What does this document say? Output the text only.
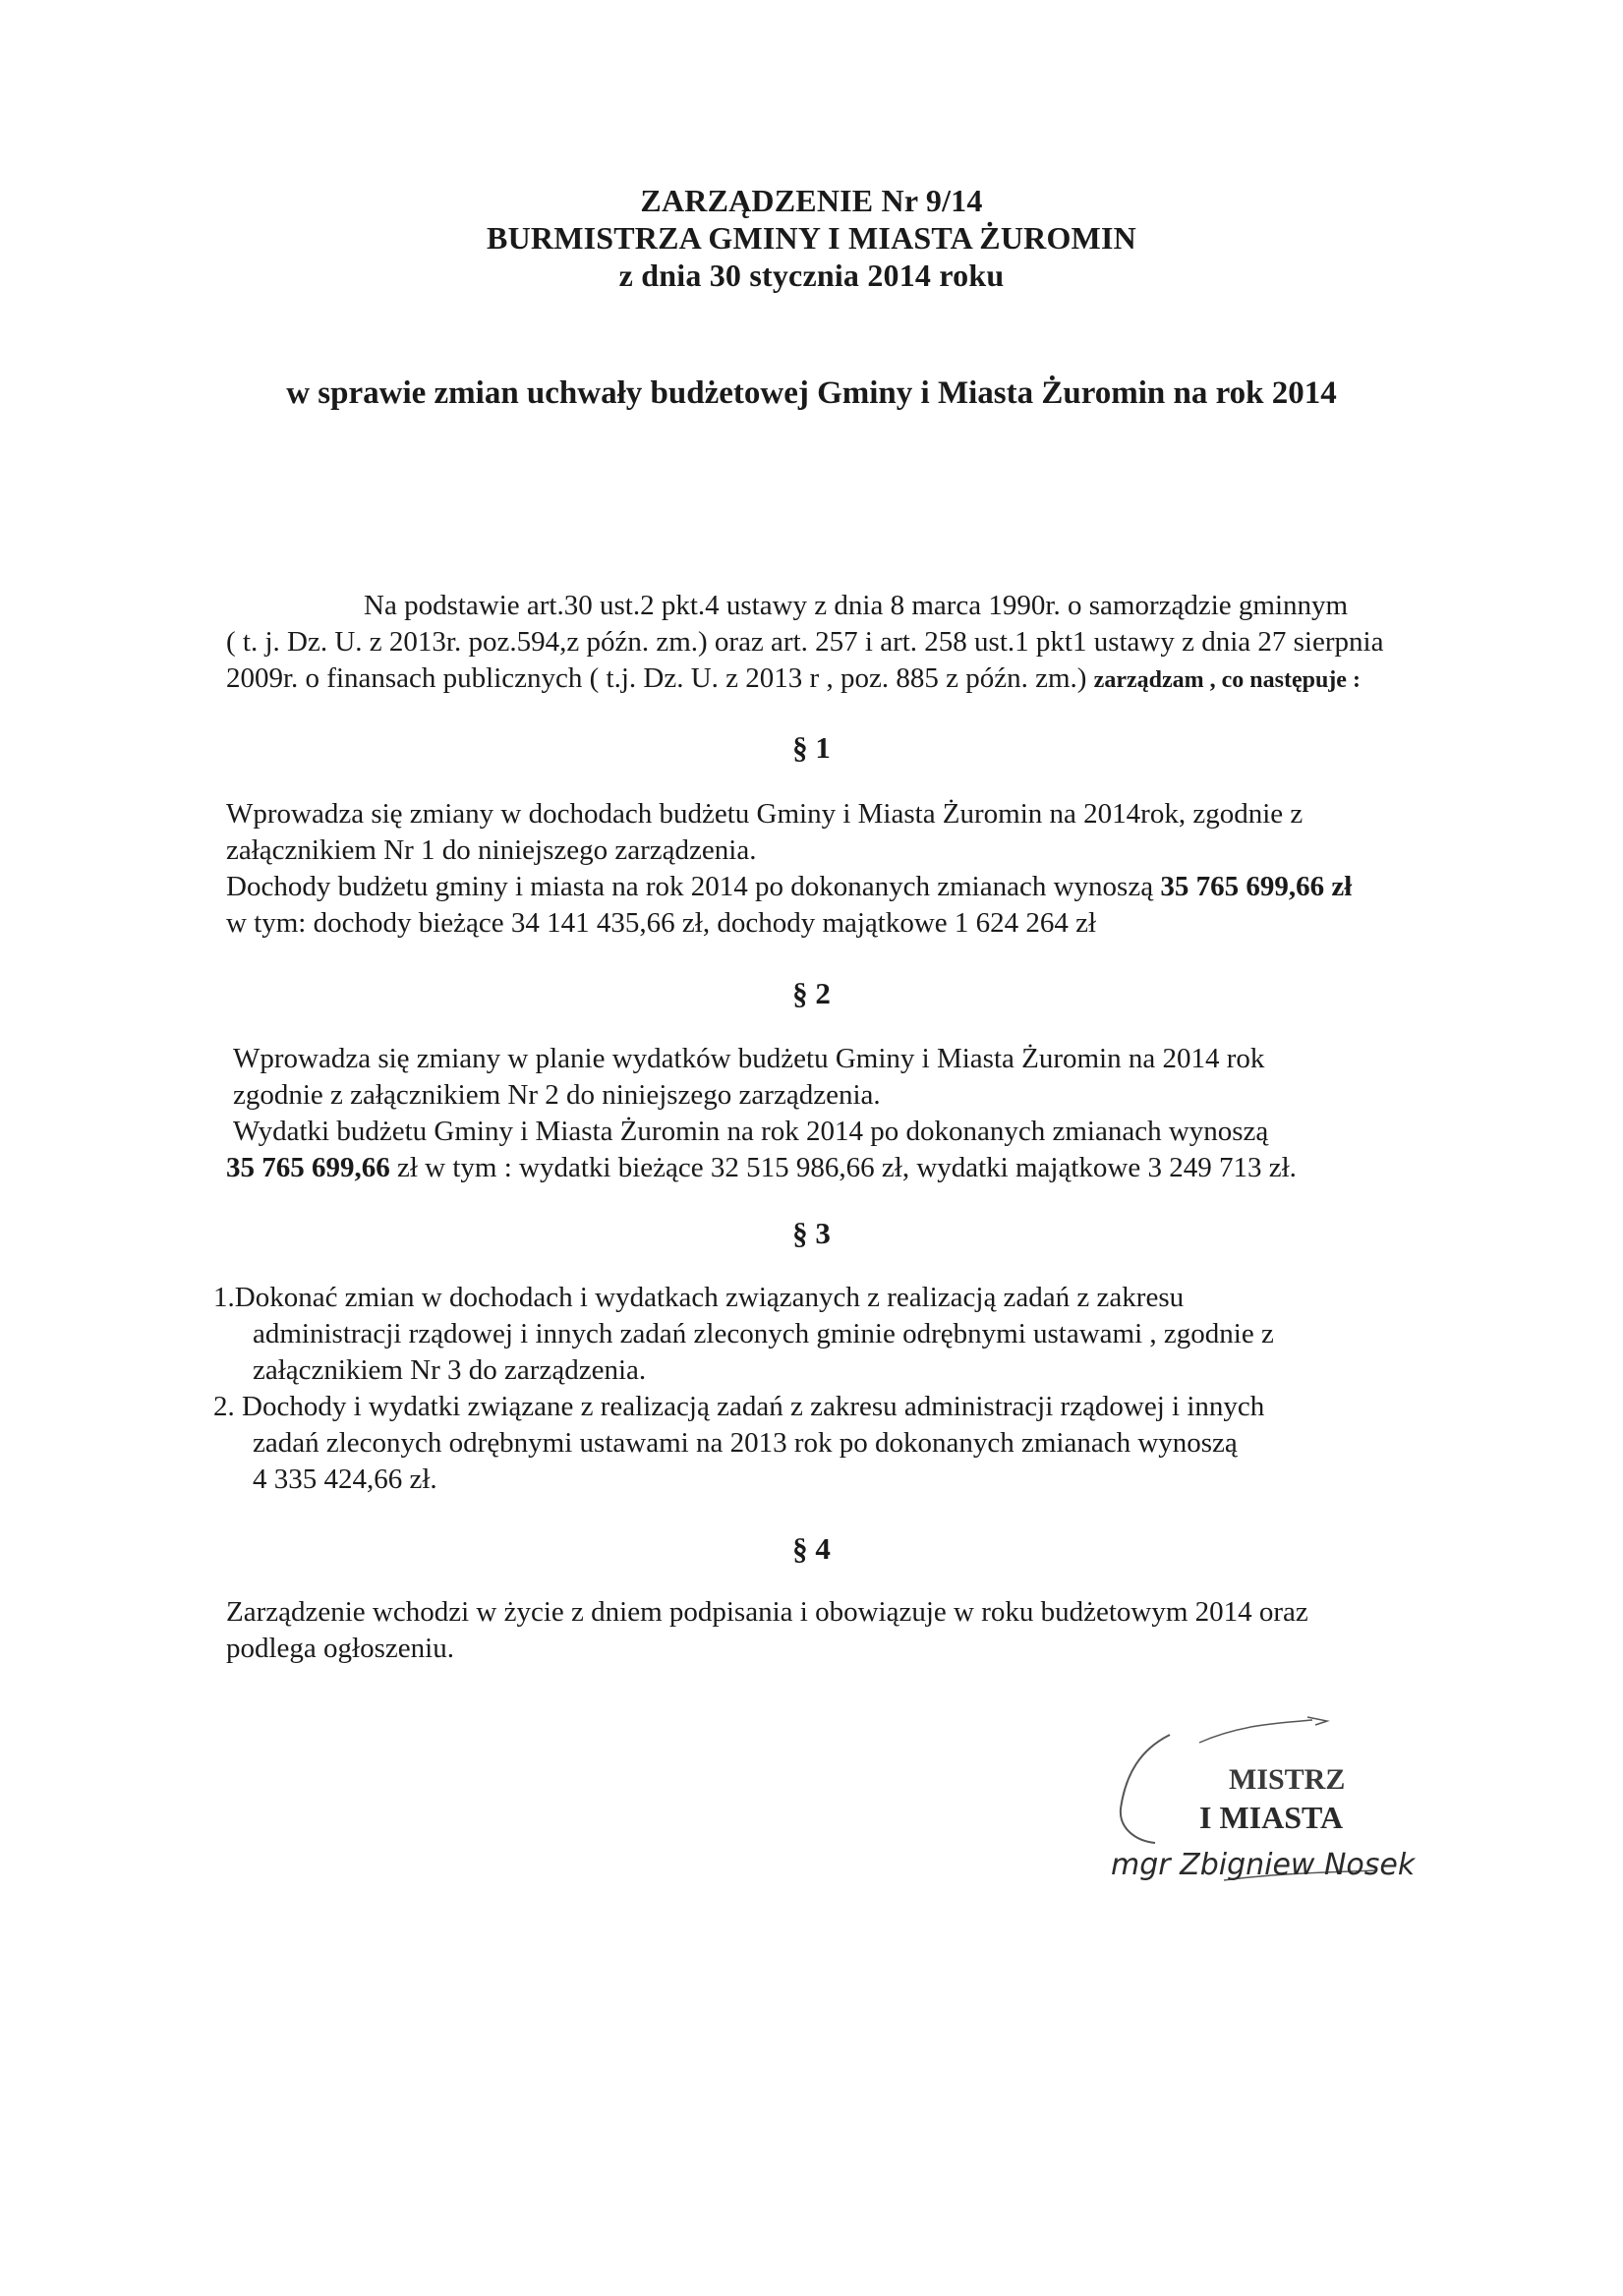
ZARZĄDZENIE Nr 9/14
BURMISTRZA GMINY I MIASTA ŻUROMIN
z dnia 30 stycznia 2014 roku
w sprawie zmian uchwały budżetowej Gminy i Miasta Żuromin na rok 2014
Na podstawie art.30 ust.2 pkt.4 ustawy z dnia 8 marca 1990r. o samorządzie gminnym
( t. j. Dz. U. z 2013r. poz.594,z późn. zm.) oraz art. 257 i art. 258 ust.1 pkt1 ustawy z dnia 27 sierpnia
2009r. o finansach publicznych ( t.j. Dz. U. z 2013 r , poz. 885 z późn. zm.) zarządzam , co następuje :
§ 1
Wprowadza się zmiany w dochodach budżetu Gminy i Miasta Żuromin na 2014rok, zgodnie z
załącznikiem Nr 1 do niniejszego zarządzenia.
Dochody budżetu gminy i miasta na rok 2014 po dokonanych zmianach wynoszą 35 765 699,66 zł
w tym: dochody bieżące 34 141 435,66 zł, dochody majątkowe 1 624 264 zł
§ 2
Wprowadza się zmiany w planie wydatków budżetu Gminy i Miasta Żuromin na 2014 rok
zgodnie z załącznikiem Nr 2 do niniejszego zarządzenia.
Wydatki budżetu Gminy i Miasta Żuromin na rok 2014 po dokonanych zmianach wynoszą
35 765 699,66 zł w tym : wydatki bieżące 32 515 986,66 zł, wydatki majątkowe 3 249 713 zł.
§ 3
1.Dokonać zmian w dochodach i wydatkach związanych z realizacją zadań z zakresu
administracji rządowej i innych zadań zleconych gminie odrębnymi ustawami , zgodnie z
załącznikiem Nr 3 do zarządzenia.
2. Dochody i wydatki związane z realizacją zadań z zakresu administracji rządowej i innych
zadań zleconych odrębnymi ustawami na 2013 rok po dokonanych zmianach wynoszą
4 335 424,66 zł.
§ 4
Zarządzenie wchodzi w życie z dniem podpisania i obowiązuje w roku budżetowym 2014 oraz
podlega ogłoszeniu.
MISTRZ
I MIASTA
mgr Zbigniew Nosek
